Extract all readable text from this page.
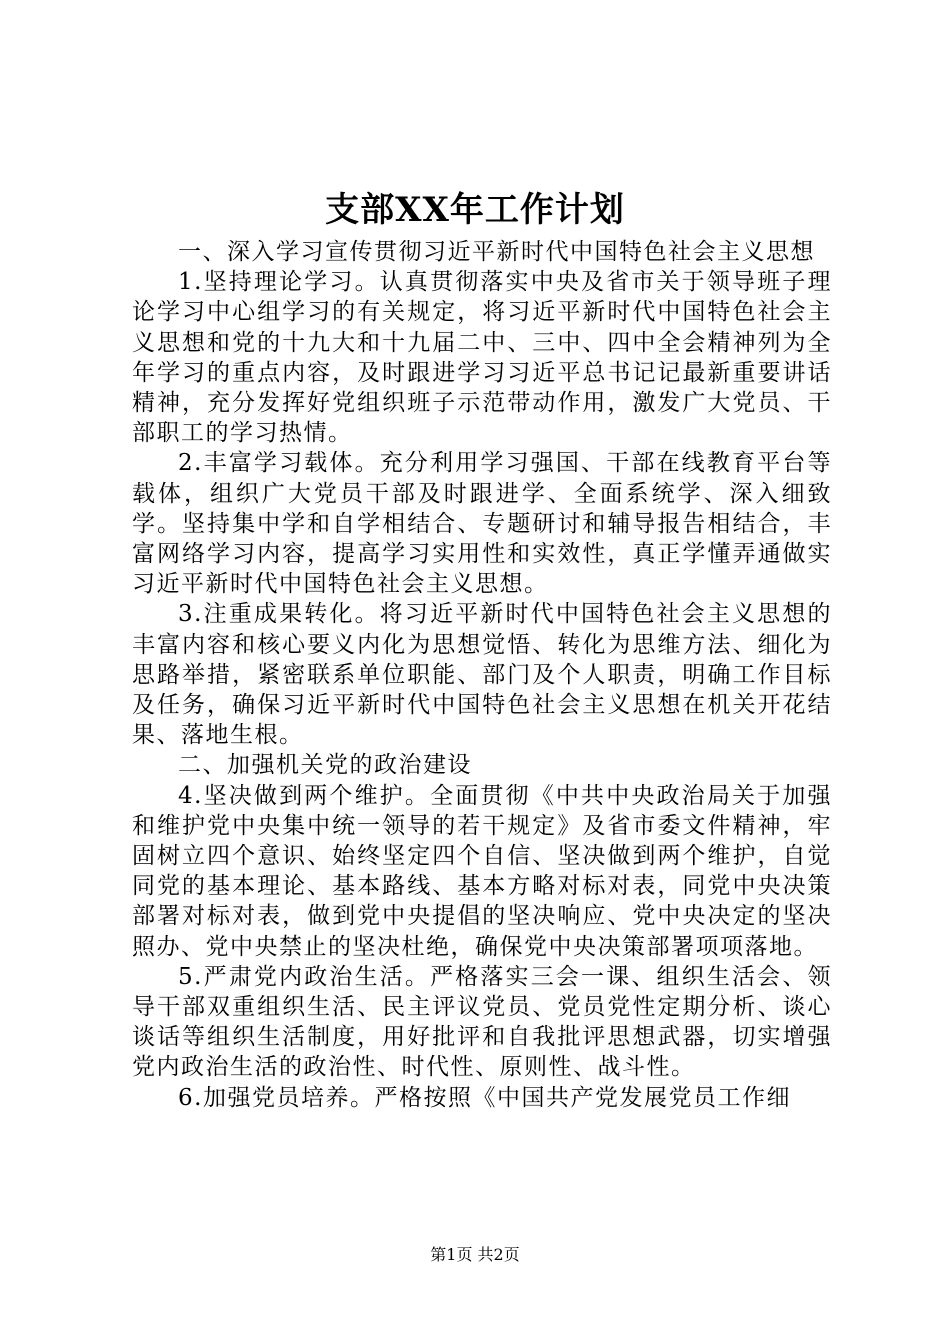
支部XX年工作计划

一、深入学习宣传贯彻习近平新时代中国特色社会主义思想

1.坚持理论学习。认真贯彻落实中央及省市关于领导班子理论学习中心组学习的有关规定，将习近平新时代中国特色社会主义思想和党的十九大和十九届二中、三中、四中全会精神列为全年学习的重点内容，及时跟进学习习近平总书记记最新重要讲话精神，充分发挥好党组织班子示范带动作用，激发广大党员、干部职工的学习热情。

2.丰富学习载体。充分利用学习强国、干部在线教育平台等载体，组织广大党员干部及时跟进学、全面系统学、深入细致学。坚持集中学和自学相结合、专题研讨和辅导报告相结合，丰富网络学习内容，提高学习实用性和实效性，真正学懂弄通做实习近平新时代中国特色社会主义思想。

3.注重成果转化。将习近平新时代中国特色社会主义思想的丰富内容和核心要义内化为思想觉悟、转化为思维方法、细化为思路举措，紧密联系单位职能、部门及个人职责，明确工作目标及任务，确保习近平新时代中国特色社会主义思想在机关开花结果、落地生根。

二、加强机关党的政治建设

4.坚决做到两个维护。全面贯彻《中共中央政治局关于加强和维护党中央集中统一领导的若干规定》及省市委文件精神，牢固树立四个意识、始终坚定四个自信、坚决做到两个维护，自觉同党的基本理论、基本路线、基本方略对标对表，同党中央决策部署对标对表，做到党中央提倡的坚决响应、党中央决定的坚决照办、党中央禁止的坚决杜绝，确保党中央决策部署项项落地。

5.严肃党内政治生活。严格落实三会一课、组织生活会、领导干部双重组织生活、民主评议党员、党员党性定期分析、谈心谈话等组织生活制度，用好批评和自我批评思想武器，切实增强党内政治生活的政治性、时代性、原则性、战斗性。

6.加强党员培养。严格按照《中国共产党发展党员工作细

第1页 共2页
